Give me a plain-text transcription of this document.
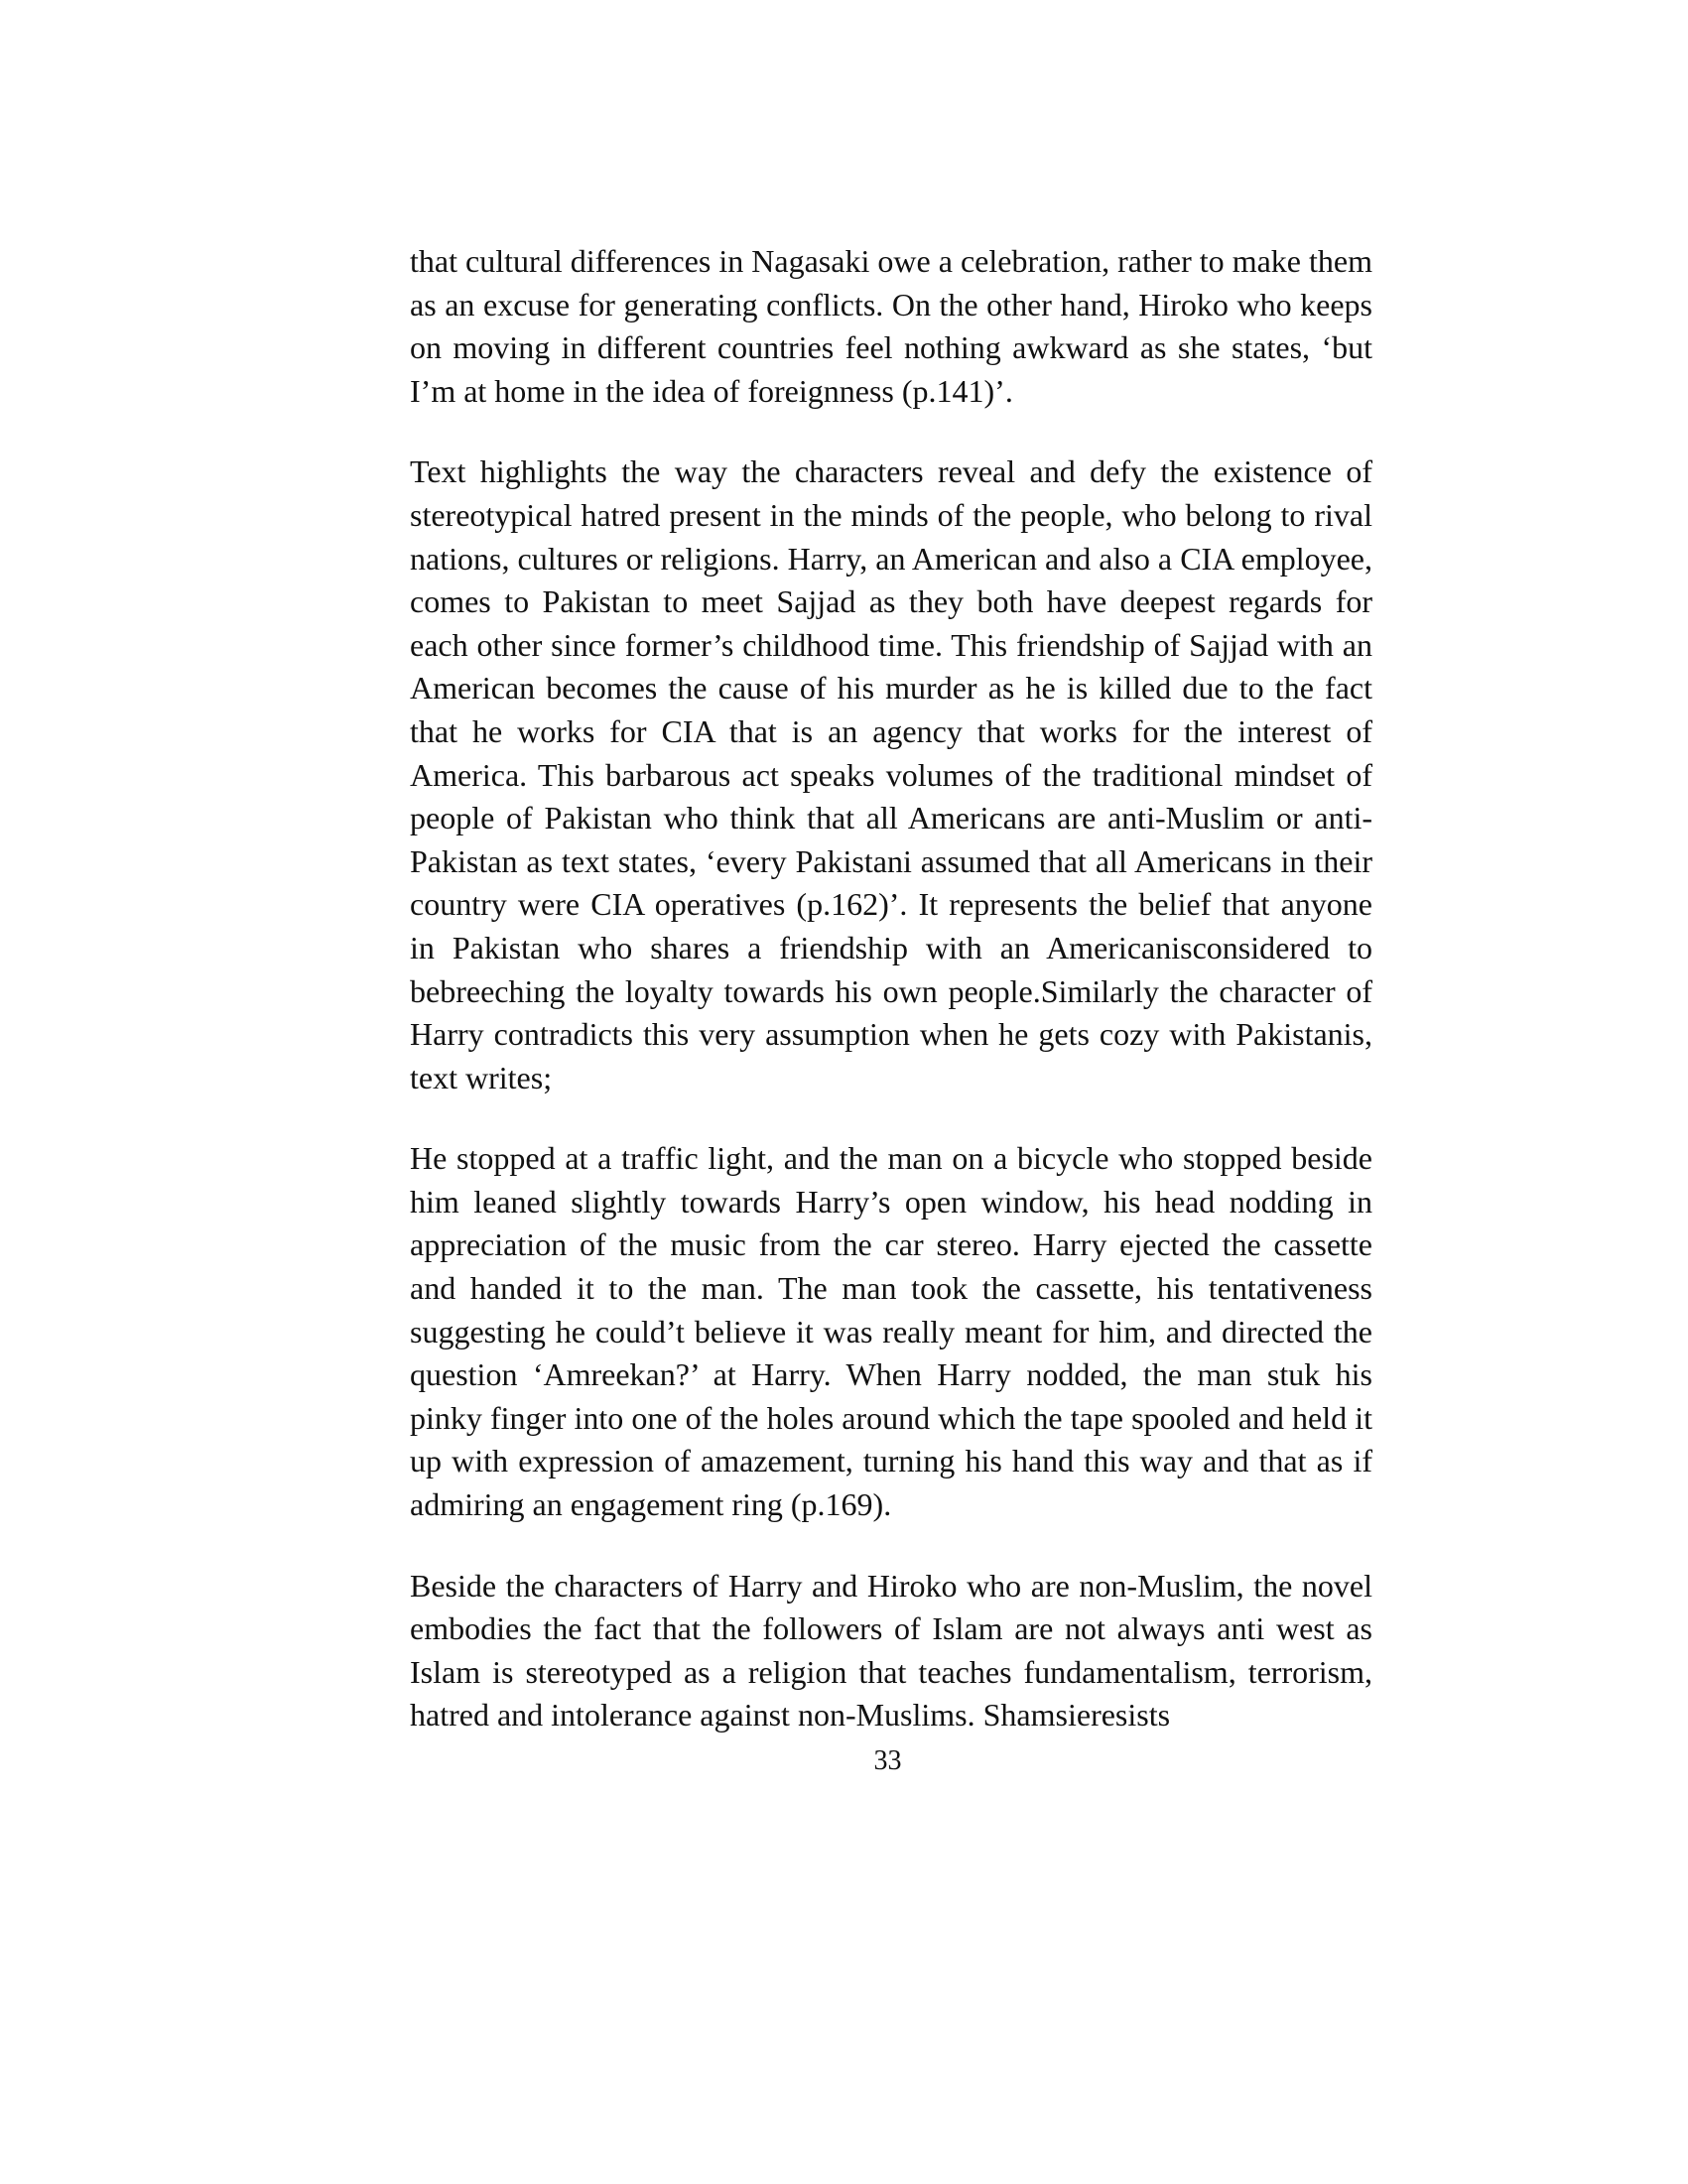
that cultural differences in Nagasaki owe a celebration, rather to make them as an excuse for generating conflicts. On the other hand, Hiroko who keeps on moving in different countries feel nothing awkward as she states, ‘but I’m at home in the idea of foreignness (p.141)’.

Text highlights the way the characters reveal and defy the existence of stereotypical hatred present in the minds of the people, who belong to rival nations, cultures or religions. Harry, an American and also a CIA employee, comes to Pakistan to meet Sajjad as they both have deepest regards for each other since former’s childhood time. This friendship of Sajjad with an American becomes the cause of his murder as he is killed due to the fact that he works for CIA that is an agency that works for the interest of America. This barbarous act speaks volumes of the traditional mindset of people of Pakistan who think that all Americans are anti-Muslim or anti-Pakistan as text states, ‘every Pakistani assumed that all Americans in their country were CIA operatives (p.162)’. It represents the belief that anyone in Pakistan who shares a friendship with an Americanisconsidered to bebreeching the loyalty towards his own people.Similarly the character of Harry contradicts this very assumption when he gets cozy with Pakistanis, text writes;

He stopped at a traffic light, and the man on a bicycle who stopped beside him leaned slightly towards Harry’s open window, his head nodding in appreciation of the music from the car stereo. Harry ejected the cassette and handed it to the man. The man took the cassette, his tentativeness suggesting he could’t believe it was really meant for him, and directed the question ‘Amreekan?’ at Harry. When Harry nodded, the man stuk his pinky finger into one of the holes around which the tape spooled and held it up with expression of amazement, turning his hand this way and that as if admiring an engagement ring (p.169).

Beside the characters of Harry and Hiroko who are non-Muslim, the novel embodies the fact that the followers of Islam are not always anti west as Islam is stereotyped as a religion that teaches fundamentalism, terrorism, hatred and intolerance against non-Muslims. Shamsieresists

33
